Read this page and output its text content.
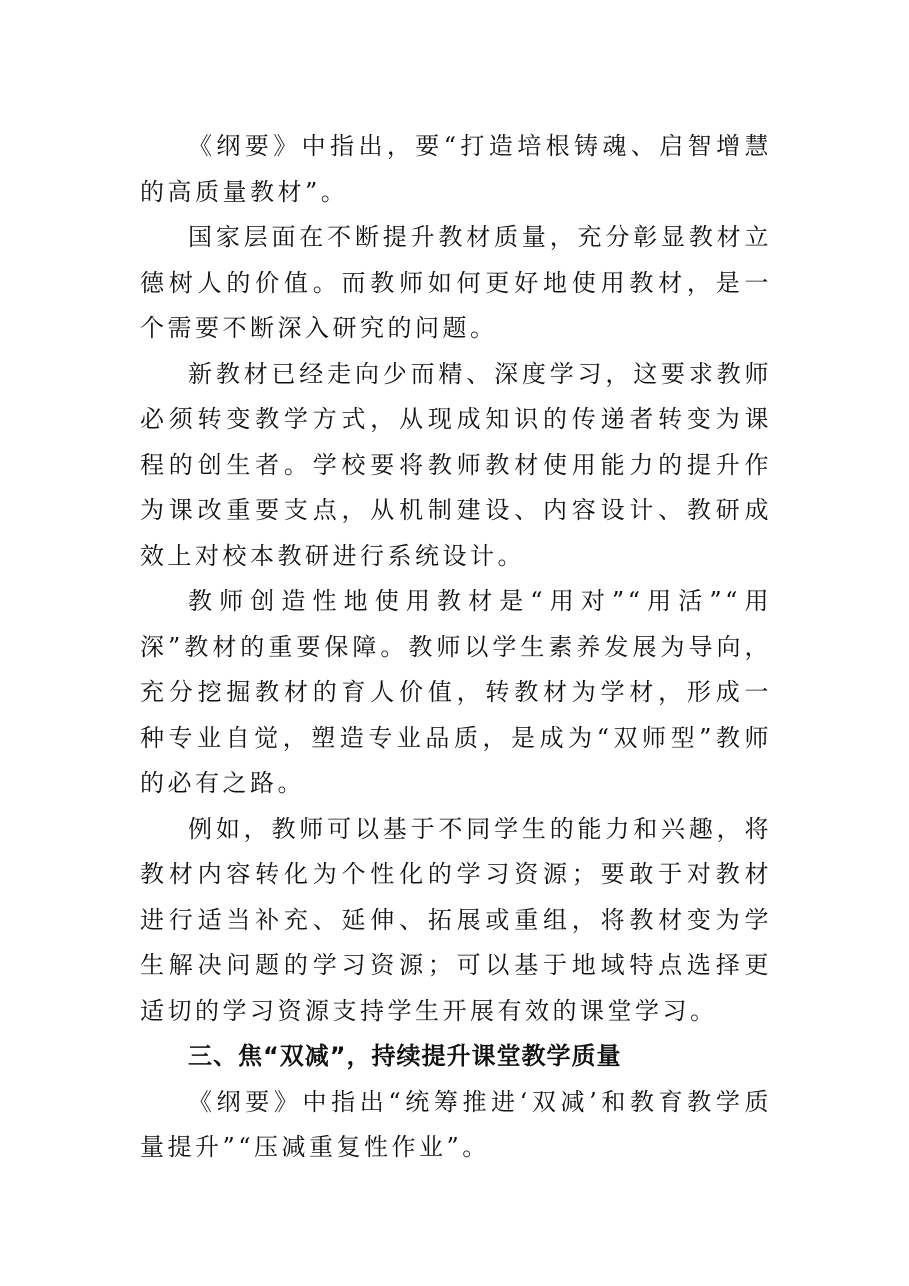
《纲要》中指出，要“打造培根铸魂、启智增慧的高质量教材”。

国家层面在不断提升教材质量，充分彰显教材立德树人的价值。而教师如何更好地使用教材，是一个需要不断深入研究的问题。

新教材已经走向少而精、深度学习，这要求教师必须转变教学方式，从现成知识的传递者转变为课程的创生者。学校要将教师教材使用能力的提升作为课改重要支点，从机制建设、内容设计、教研成效上对校本教研进行系统设计。

教师创造性地使用教材是“用对”“用活”“用深”教材的重要保障。教师以学生素养发展为导向，充分挖掘教材的育人价值，转教材为学材，形成一种专业自觉，塑造专业品质，是成为“双师型”教师的必有之路。

例如，教师可以基于不同学生的能力和兴趣，将教材内容转化为个性化的学习资源；要敢于对教材进行适当补充、延伸、拓展或重组，将教材变为学生解决问题的学习资源；可以基于地域特点选择更适切的学习资源支持学生开展有效的课堂学习。

三、焦“双减”，持续提升课堂教学质量

《纲要》中指出“统筹推进‘双减’和教育教学质量提升”“压减重复性作业”。
